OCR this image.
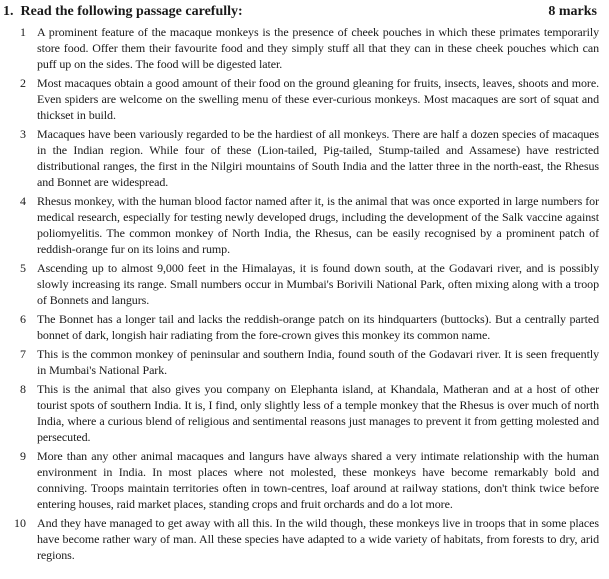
1. Read the following passage carefully:	8 marks
1 A prominent feature of the macaque monkeys is the presence of cheek pouches in which these primates temporarily store food. Offer them their favourite food and they simply stuff all that they can in these cheek pouches which can puff up on the sides. The food will be digested later.
2 Most macaques obtain a good amount of their food on the ground gleaning for fruits, insects, leaves, shoots and more. Even spiders are welcome on the swelling menu of these ever-curious monkeys. Most macaques are sort of squat and thickset in build.
3 Macaques have been variously regarded to be the hardiest of all monkeys. There are half a dozen species of macaques in the Indian region. While four of these (Lion-tailed, Pig-tailed, Stump-tailed and Assamese) have restricted distributional ranges, the first in the Nilgiri mountains of South India and the latter three in the north-east, the Rhesus and Bonnet are widespread.
4 Rhesus monkey, with the human blood factor named after it, is the animal that was once exported in large numbers for medical research, especially for testing newly developed drugs, including the development of the Salk vaccine against poliomyelitis. The common monkey of North India, the Rhesus, can be easily recognised by a prominent patch of reddish-orange fur on its loins and rump.
5 Ascending up to almost 9,000 feet in the Himalayas, it is found down south, at the Godavari river, and is possibly slowly increasing its range. Small numbers occur in Mumbai's Borivili National Park, often mixing along with a troop of Bonnets and langurs.
6 The Bonnet has a longer tail and lacks the reddish-orange patch on its hindquarters (buttocks). But a centrally parted bonnet of dark, longish hair radiating from the fore-crown gives this monkey its common name.
7 This is the common monkey of peninsular and southern India, found south of the Godavari river. It is seen frequently in Mumbai's National Park.
8 This is the animal that also gives you company on Elephanta island, at Khandala, Matheran and at a host of other tourist spots of southern India. It is, I find, only slightly less of a temple monkey that the Rhesus is over much of north India, where a curious blend of religious and sentimental reasons just manages to prevent it from getting molested and persecuted.
9 More than any other animal macaques and langurs have always shared a very intimate relationship with the human environment in India. In most places where not molested, these monkeys have become remarkably bold and conniving. Troops maintain territories often in town-centres, loaf around at railway stations, don't think twice before entering houses, raid market places, standing crops and fruit orchards and do a lot more.
10 And they have managed to get away with all this. In the wild though, these monkeys live in troops that in some places have become rather wary of man. All these species have adapted to a wide variety of habitats, from forests to dry, arid regions.
